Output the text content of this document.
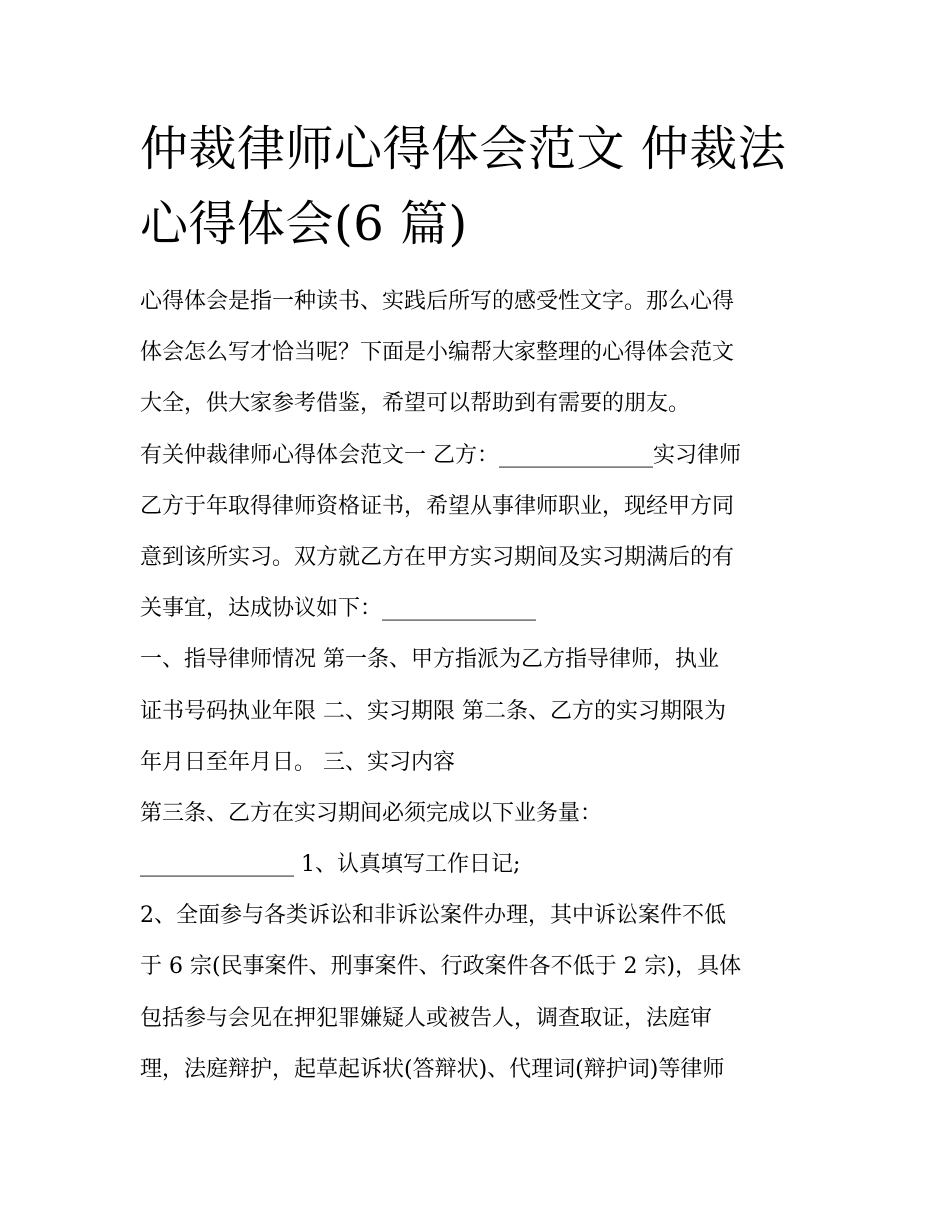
仲裁律师心得体会范文 仲裁法
心得体会(6 篇)
心得体会是指一种读书、实践后所写的感受性文字。那么心得
体会怎么写才恰当呢？下面是小编帮大家整理的心得体会范文
大全，供大家参考借鉴，希望可以帮助到有需要的朋友。
有关仲裁律师心得体会范文一 乙方：______________实习律师
乙方于年取得律师资格证书，希望从事律师职业，现经甲方同
意到该所实习。双方就乙方在甲方实习期间及实习期满后的有
关事宜，达成协议如下：______________
一、指导律师情况 第一条、甲方指派为乙方指导律师，执业
证书号码执业年限 二、实习期限 第二条、乙方的实习期限为
年月日至年月日。 三、实习内容
第三条、乙方在实习期间必须完成以下业务量：
______________ 1、认真填写工作日记;
2、全面参与各类诉讼和非诉讼案件办理，其中诉讼案件不低
于 6 宗(民事案件、刑事案件、行政案件各不低于 2 宗)，具体
包括参与会见在押犯罪嫌疑人或被告人，调查取证，法庭审
理，法庭辩护，起草起诉状(答辩状)、代理词(辩护词)等律师
